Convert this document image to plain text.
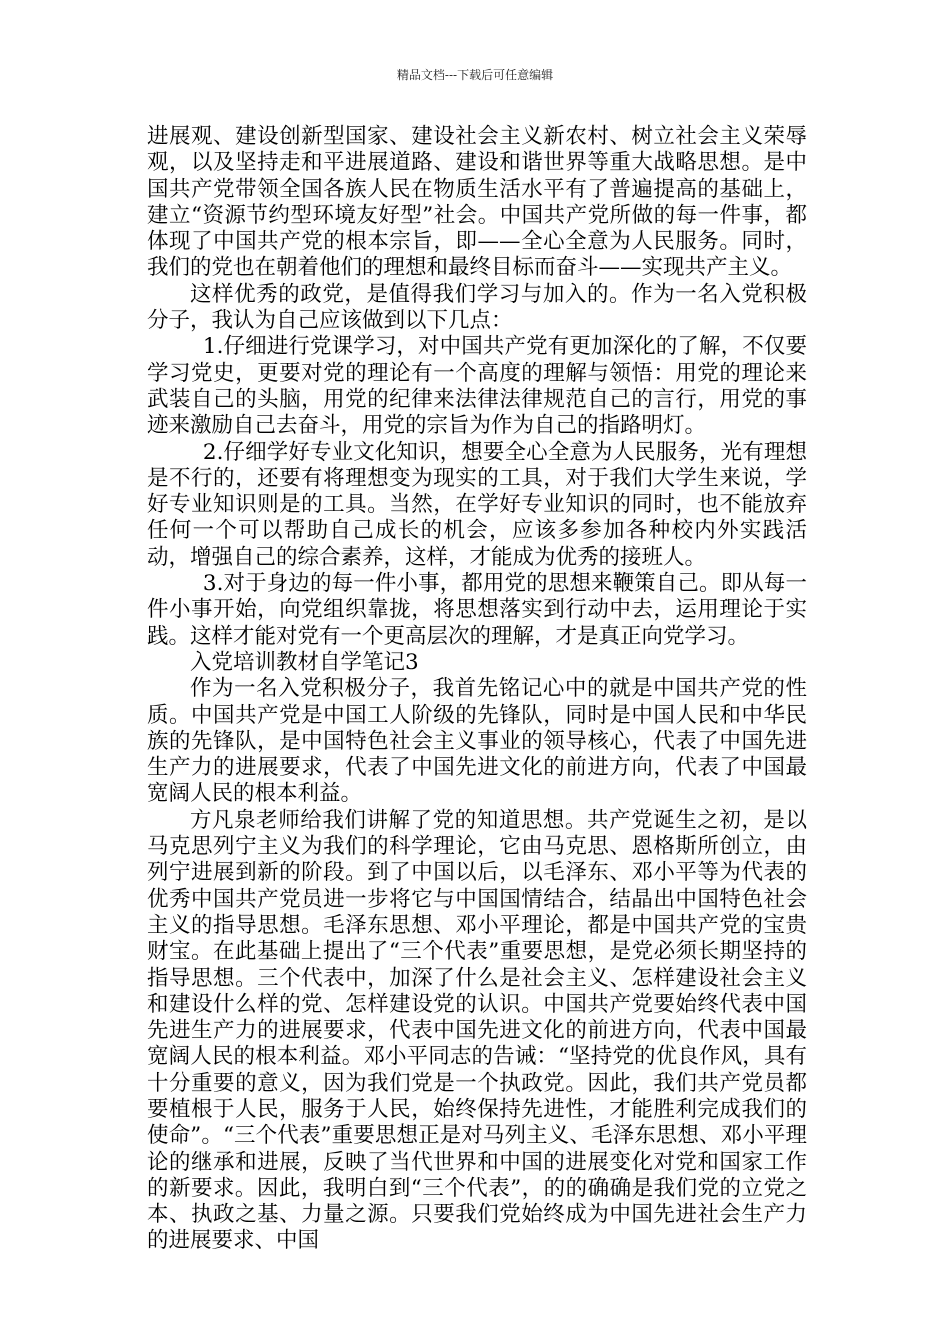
精品文档---下载后可任意编辑

进展观、建设创新型国家、建设社会主义新农村、树立社会主义荣辱观，以及坚持走和平进展道路、建设和谐世界等重大战略思想。是中国共产党带领全国各族人民在物质生活水平有了普遍提高的基础上，建立“资源节约型环境友好型”社会。中国共产党所做的每一件事，都体现了中国共产党的根本宗旨，即——全心全意为人民服务。同时，我们的党也在朝着他们的理想和最终目标而奋斗——实现共产主义。

这样优秀的政党，是值得我们学习与加入的。作为一名入党积极分子，我认为自己应该做到以下几点：

1.仔细进行党课学习，对中国共产党有更加深化的了解，不仅要学习党史，更要对党的理论有一个高度的理解与领悟：用党的理论来武装自己的头脑，用党的纪律来法律法律规范自己的言行，用党的事迹来激励自己去奋斗，用党的宗旨为作为自己的指路明灯。

2.仔细学好专业文化知识，想要全心全意为人民服务，光有理想是不行的，还要有将理想变为现实的工具，对于我们大学生来说，学好专业知识则是的工具。当然，在学好专业知识的同时，也不能放弃任何一个可以帮助自己成长的机会，应该多参加各种校内外实践活动，增强自己的综合素养，这样，才能成为优秀的接班人。

3.对于身边的每一件小事，都用党的思想来鞭策自己。即从每一件小事开始，向党组织靠拢，将思想落实到行动中去，运用理论于实践。这样才能对党有一个更高层次的理解，才是真正向党学习。

入党培训教材自学笔记3

作为一名入党积极分子，我首先铭记心中的就是中国共产党的性质。中国共产党是中国工人阶级的先锋队，同时是中国人民和中华民族的先锋队，是中国特色社会主义事业的领导核心，代表了中国先进生产力的进展要求，代表了中国先进文化的前进方向，代表了中国最宽阔人民的根本利益。

方凡泉老师给我们讲解了党的知道思想。共产党诞生之初，是以马克思列宁主义为我们的科学理论，它由马克思、恩格斯所创立，由列宁进展到新的阶段。到了中国以后，以毛泽东、邓小平等为代表的优秀中国共产党员进一步将它与中国国情结合，结晶出中国特色社会主义的指导思想。毛泽东思想、邓小平理论，都是中国共产党的宝贵财宝。在此基础上提出了“三个代表”重要思想，是党必须长期坚持的指导思想。三个代表中，加深了什么是社会主义、怎样建设社会主义和建设什么样的党、怎样建设党的认识。中国共产党要始终代表中国先进生产力的进展要求，代表中国先进文化的前进方向，代表中国最宽阔人民的根本利益。邓小平同志的告诫：“坚持党的优良作风，具有十分重要的意义，因为我们党是一个执政党。因此，我们共产党员都要植根于人民，服务于人民，始终保持先进性，才能胜利完成我们的使命”。“三个代表”重要思想正是对马列主义、毛泽东思想、邓小平理论的继承和进展，反映了当代世界和中国的进展变化对党和国家工作的新要求。因此，我明白到“三个代表”，的的确确是我们党的立党之本、执政之基、力量之源。只要我们党始终成为中国先进社会生产力的进展要求、中国
